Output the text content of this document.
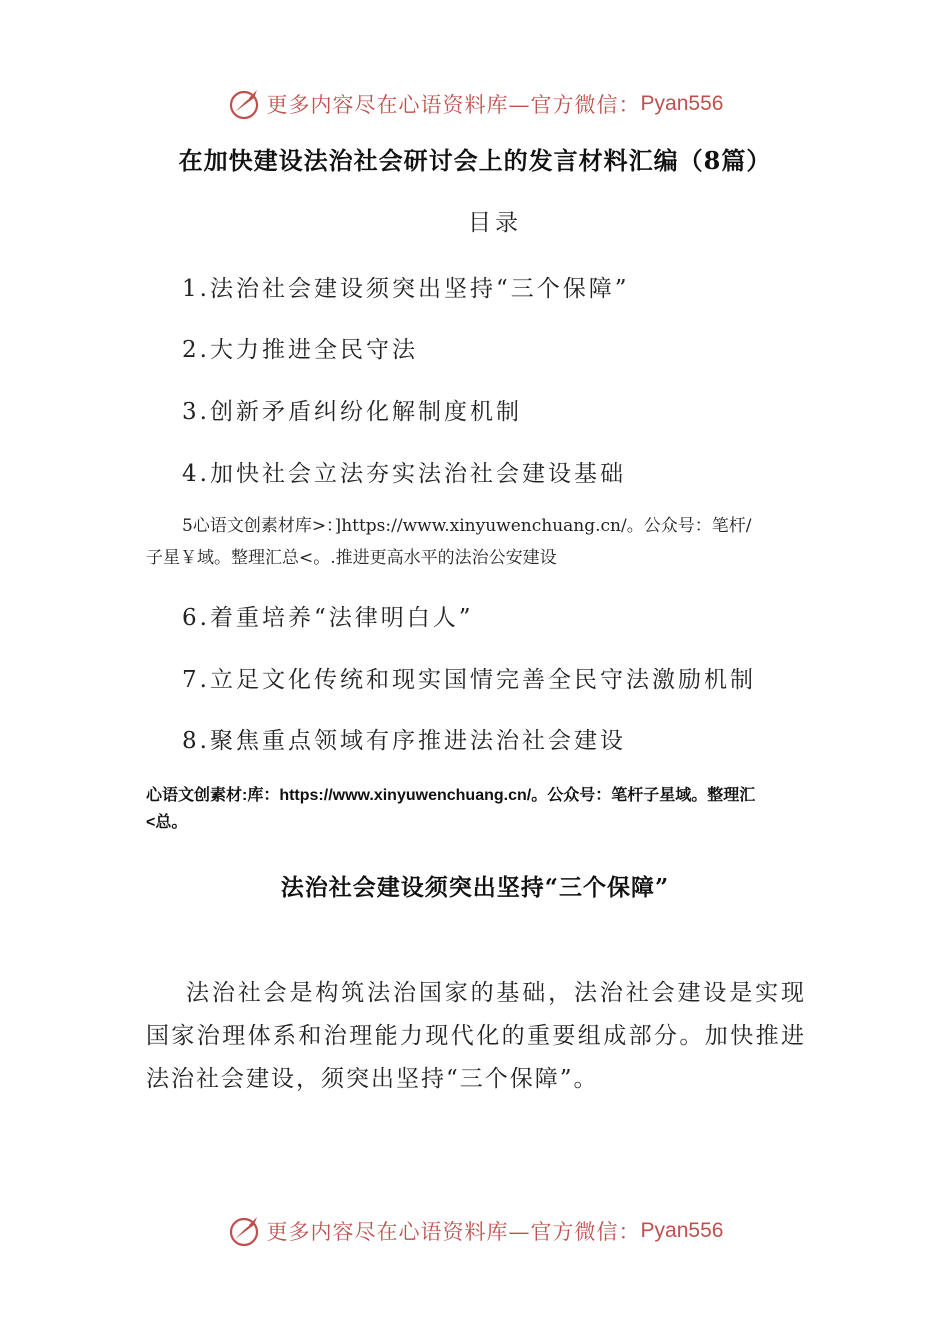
更多内容尽在心语资料库—官方微信： Pyan556
在加快建设法治社会研讨会上的发言材料汇编（8篇）
目录
1.法治社会建设须突出坚持“三个保障”
2.大力推进全民守法
3.创新矛盾纠纷化解制度机制
4.加快社会立法夯实法治社会建设基础
5心语文创素材库>：]https://www.xinyuwenchuang.cn/。公众号：笔杆/
子星￥域。整理汇总<。.推进更高水平的法治公安建设
6.着重培养“法律明白人”
7.立足文化传统和现实国情完善全民守法激励机制
8.聚焦重点领域有序推进法治社会建设
心语文创素材:库：https://www.xinyuwenchuang.cn/。公众号：笔杆子星域。整理汇
<总。
法治社会建设须突出坚持“三个保障”
法治社会是构筑法治国家的基础，法治社会建设是实现国家治理体系和治理能力现代化的重要组成部分。加快推进法治社会建设，须突出坚持“三个保障”。
更多内容尽在心语资料库—官方微信： Pyan556
